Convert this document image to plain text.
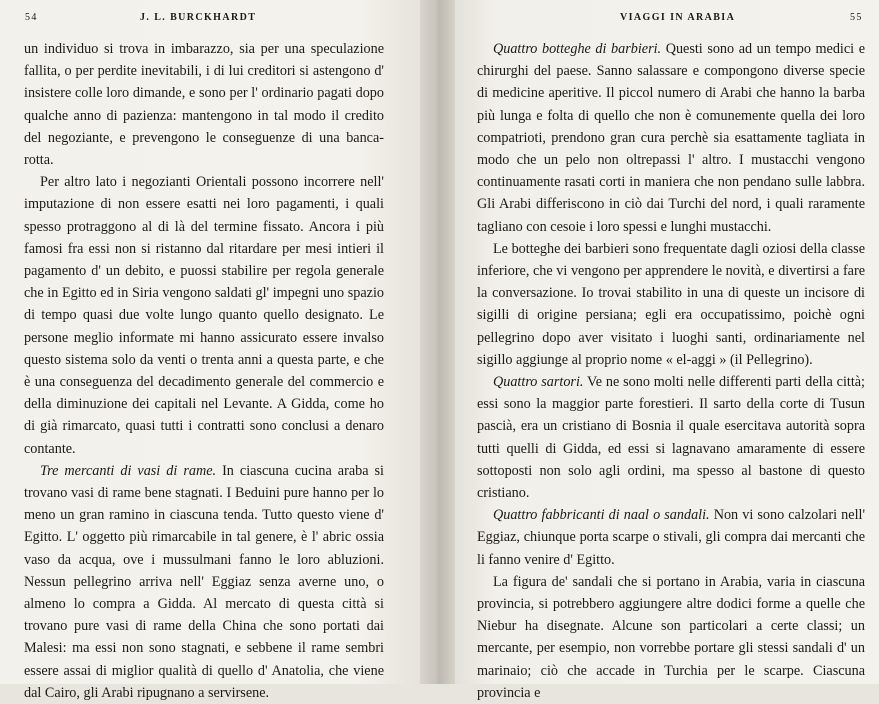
54	J. L. BURCKHARDT

un individuo si trova in imbarazzo, sia per una speculazione fallita, o per perdite inevitabili, i di lui creditori si astengono d' insistere colle loro dimande, e sono per l' ordinario pagati dopo qualche anno di pazienza: mantengono in tal modo il credito del negoziante, e prevengono le conseguenze di una banca-rotta.

Per altro lato i negozianti Orientali possono incorrere nell' imputazione di non essere esatti nei loro pagamenti, i quali spesso protraggono al di là del termine fissato. Ancora i più famosi fra essi non si ristanno dal ritardare per mesi intieri il pagamento d' un debito, e puossi stabilire per regola generale che in Egitto ed in Siria vengono saldati gl' impegni uno spazio di tempo quasi due volte lungo quanto quello designato. Le persone meglio informate mi hanno assicurato essere invalso questo sistema solo da venti o trenta anni a questa parte, e che è una conseguenza del decadimento generale del commercio e della diminuzione dei capitali nel Levante. A Gidda, come ho di già rimarcato, quasi tutti i contratti sono conclusi a denaro contante.

Tre mercanti di vasi di rame. In ciascuna cucina araba si trovano vasi di rame bene stagnati. I Beduini pure hanno per lo meno un gran ramino in ciascuna tenda. Tutto questo viene d' Egitto. L' oggetto più rimarcabile in tal genere, è l' abric ossia vaso da acqua, ove i mussulmani fanno le loro abluzioni. Nessun pellegrino arriva nell' Eggiaz senza averne uno, o almeno lo compra a Gidda. Al mercato di questa città si trovano pure vasi di rame della China che sono portati dai Malesi: ma essi non sono stagnati, e sebbene il rame sembri essere assai di miglior qualità di quello d' Anatolia, che viene dal Cairo, gli Arabi ripugnano a servirsene.

VIAGGI IN ARABIA	55

Quattro botteghe di barbieri. Questi sono ad un tempo medici e chirurghi del paese. Sanno salassare e compongono diverse specie di medicine aperitive. Il piccol numero di Arabi che hanno la barba più lunga e folta di quello che non è comunemente quella dei loro compatrioti, prendono gran cura perchè sia esattamente tagliata in modo che un pelo non oltrepassi l' altro. I mustacchi vengono continuamente rasati corti in maniera che non pendano sulle labbra. Gli Arabi differiscono in ciò dai Turchi del nord, i quali raramente tagliano con cesoie i loro spessi e lunghi mustacchi.

Le botteghe dei barbieri sono frequentate dagli oziosi della classe inferiore, che vi vengono per apprendere le novità, e divertirsi a fare la conversazione. Io trovai stabilito in una di queste un incisore di sigilli di origine persiana; egli era occupatissimo, poichè ogni pellegrino dopo aver visitato i luoghi santi, ordinariamente nel sigillo aggiunge al proprio nome « el-aggi » (il Pellegrino).

Quattro sartori. Ve ne sono molti nelle differenti parti della città; essi sono la maggior parte forestieri. Il sarto della corte di Tusun pascià, era un cristiano di Bosnia il quale esercitava autorità sopra tutti quelli di Gidda, ed essi si lagnavano amaramente di essere sottoposti non solo agli ordini, ma spesso al bastone di questo cristiano.

Quattro fabbricanti di naal o sandali. Non vi sono calzolari nell' Eggiaz, chiunque porta scarpe o stivali, gli compra dai mercanti che li fanno venire d' Egitto.

La figura de' sandali che si portano in Arabia, varia in ciascuna provincia, si potrebbero aggiungere altre dodici forme a quelle che Niebur ha disegnate. Alcune son particolari a certe classi; un mercante, per esempio, non vorrebbe portare gli stessi sandali d' un marinaio; ciò che accade in Turchia per le scarpe. Ciascuna provincia e
